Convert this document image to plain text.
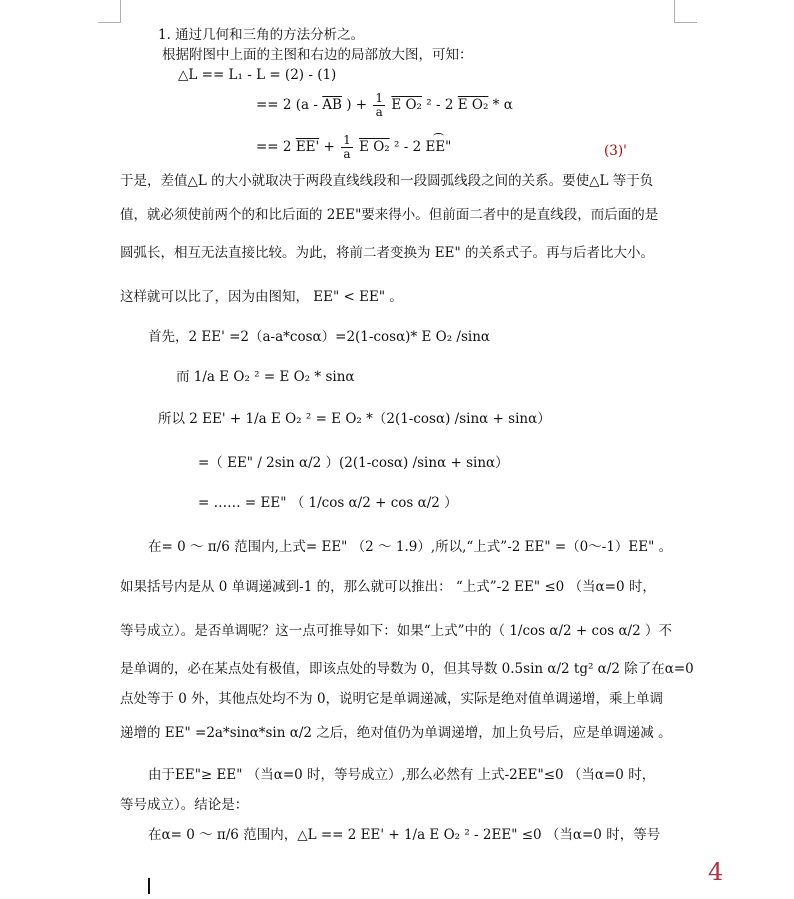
1. 通过几何和三角的方法分析之。
根据附图中上面的主图和右边的局部放大图，可知：
△L == L₁ - L = (2) - (1)
== 2 ($a - \overline{AB}$ ) + $\frac{1}{a}$ E O₂ ² - 2 E O₂ * α
== 2 $EE' + \frac{1}{a}$ E O₂ ² - 2 EE"	(3)'
于是，差值△L 的大小就取决于两段直线线段和一段圆弧线段之间的关系。要使△L 等于负
值，就必须使前两个的和比后面的 2EE"要来得小。但前面二者中的是直线段，而后面的是
圆弧长，相互无法直接比较。为此，将前二者变换为 EE" 的关系式子。再与后者比大小。
这样就可以比了，因为由图知， EE" < EE" 。
首先，2 EE' =2（a-a*cosα）=2(1-cosα)* E O₂ /sinα
而 1/a E O₂ ² = E O₂ * sinα
所以 2 EE' + 1/a E O₂ ² = E O₂ *（2(1-cosα) /sinα + sinα）
=（ EE" / 2sin α/2 ）(2(1-cosα) /sinα + sinα）
= …… = EE" （ 1/cos α/2 + cos α/2 ）
在= 0 ～ π/6 范围内,上式= EE" （2 ～ 1.9）,所以,“上式”-2 EE" =（0～-1）EE" 。
如果括号内是从 0 单调递减到-1 的，那么就可以推出： “上式”-2 EE" ≤0 （当α=0 时，
等号成立）。是否单调呢？这一点可推导如下：如果“上式”中的（ 1/cos α/2 + cos α/2 ）不
是单调的，必在某点处有极值，即该点处的导数为 0，但其导数 0.5sin α/2 tg² α/2 除了在α=0
点处等于 0 外，其他点处均不为 0，说明它是单调递减，实际是绝对值单调递增，乘上单调
递增的 EE" =2a*sinα*sin α/2 之后，绝对值仍为单调递增，加上负号后，应是单调递减 。
由于EE"≥ EE" （当α=0 时，等号成立）,那么必然有 上式-2EE"≤0 （当α=0 时，
等号成立）。结论是：
在α= 0 ～ π/6 范围内，△L == 2 EE' + 1/a E O₂ ² - 2EE" ≤0 （当α=0 时，等号
4
